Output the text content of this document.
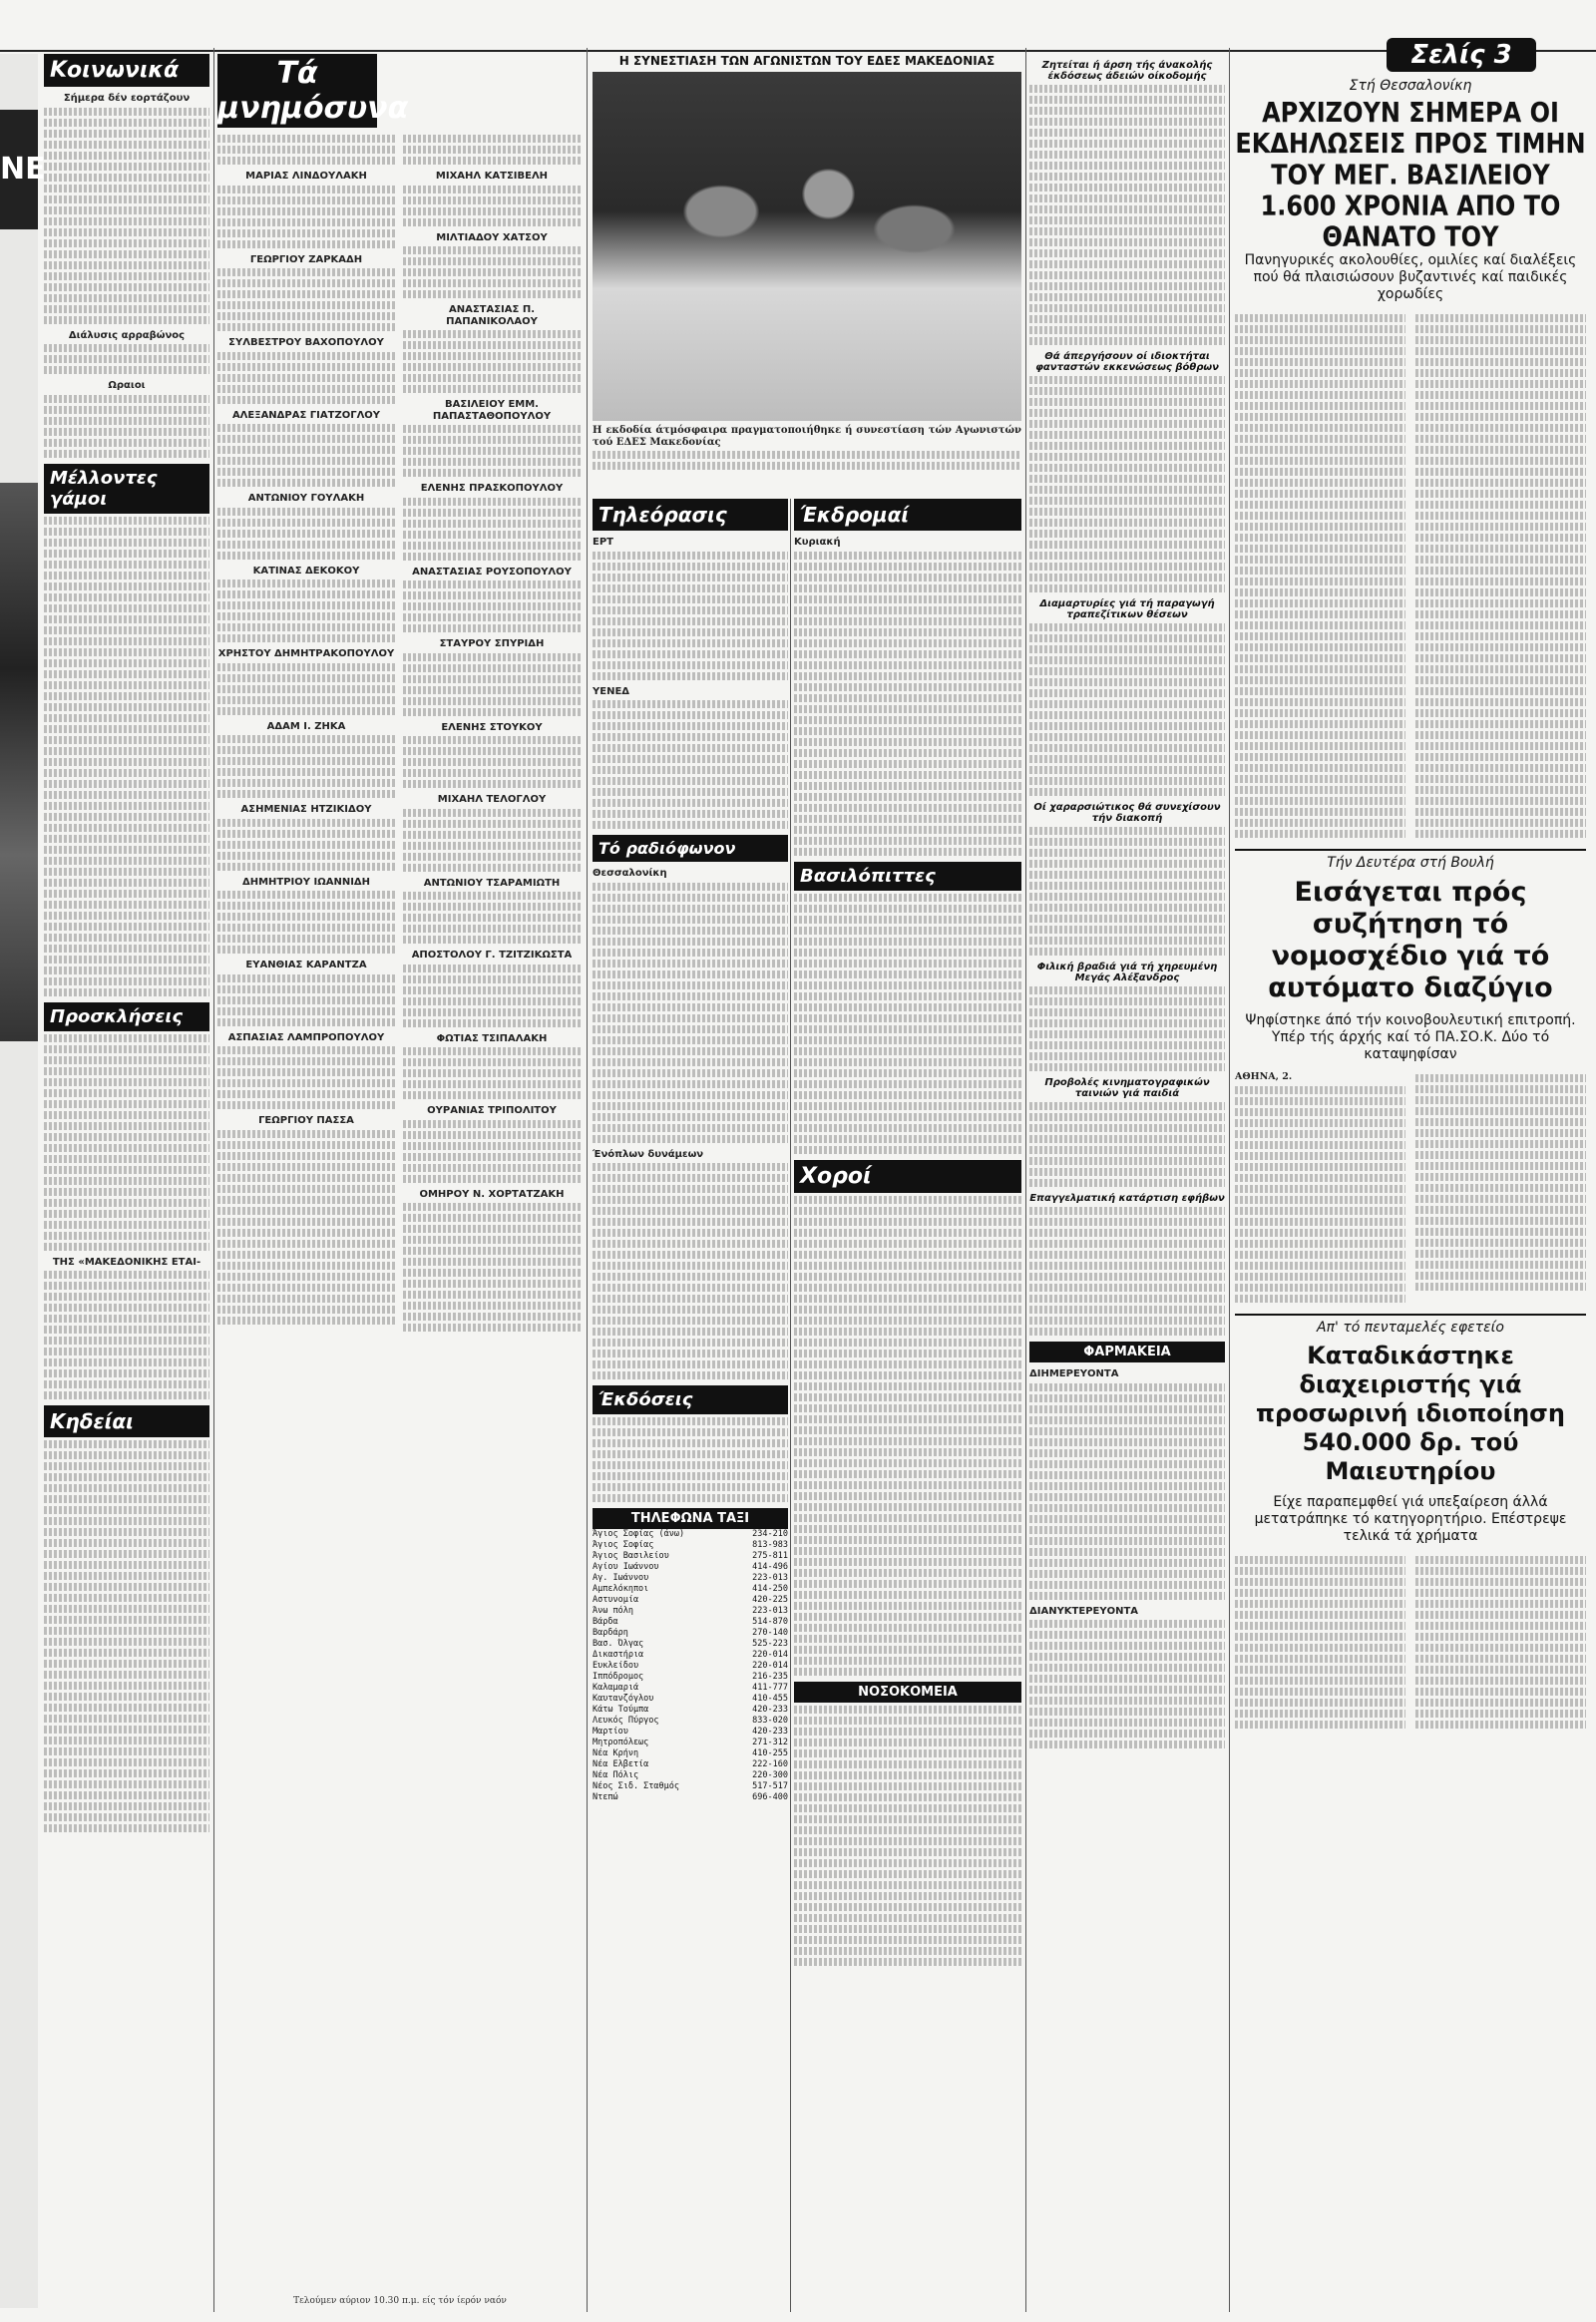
Σελίς 3
NE
Κοινωνικά
Σήμερα δέν εορτάζουν
Διάλυσις αρραβώνος
Ωραιοι
Μέλλοντες γάμοι
Προσκλήσεις
ΤΗΣ «ΜΑΚΕΔΟΝΙΚΗΣ ΕΤΑΙ-
Κηδείαι
Τά μνημόσυνα
ΜΑΡΙΑΣ ΛΙΝΔΟΥΛΑΚΗ
ΓΕΩΡΓΙΟΥ ΖΑΡΚΑΔΗ
ΣΥΛΒΕΣΤΡΟΥ ΒΑΧΟΠΟΥΛΟΥ
ΑΛΕΞΑΝΔΡΑΣ ΓΙΑΤΖΟΓΛΟΥ
ΑΝΤΩΝΙΟΥ ΓΟΥΛΑΚΗ
ΚΑΤΙΝΑΣ ΔΕΚΟΚΟΥ
ΧΡΗΣΤΟΥ ΔΗΜΗΤΡΑΚΟΠΟΥΛΟΥ
ΑΔΑΜ Ι. ΖΗΚΑ
ΑΣΗΜΕΝΙΑΣ ΗΤΖΙΚΙΔΟΥ
ΔΗΜΗΤΡΙΟΥ ΙΩΑΝΝΙΔΗ
ΕΥΑΝΘΙΑΣ ΚΑΡΑΝΤΖΑ
ΑΣΠΑΣΙΑΣ ΛΑΜΠΡΟΠΟΥΛΟΥ
ΓΕΩΡΓΙΟΥ ΠΑΣΣΑ
ΜΙΧΑΗΛ ΚΑΤΣΙΒΕΛΗ
ΜΙΛΤΙΑΔΟΥ ΧΑΤΣΟΥ
ΑΝΑΣΤΑΣΙΑΣ Π. ΠΑΠΑΝΙΚΟΛΑΟΥ
ΒΑΣΙΛΕΙΟΥ ΕΜΜ. ΠΑΠΑΣΤΑΘΟΠΟΥΛΟΥ
ΕΛΕΝΗΣ ΠΡΑΣΚΟΠΟΥΛΟΥ
ΑΝΑΣΤΑΣΙΑΣ ΡΟΥΣΟΠΟΥΛΟΥ
ΣΤΑΥΡΟΥ ΣΠΥΡΙΔΗ
ΕΛΕΝΗΣ ΣΤΟΥΚΟΥ
ΜΙΧΑΗΛ ΤΕΛΟΓΛΟΥ
ΑΝΤΩΝΙΟΥ ΤΣΑΡΑΜΙΩΤΗ
ΑΠΟΣΤΟΛΟΥ Γ. ΤΖΙΤΖΙΚΩΣΤΑ
ΦΩΤΙΑΣ ΤΣΙΠΑΛΑΚΗ
ΟΥΡΑΝΙΑΣ ΤΡΙΠΟΛΙΤΟΥ
ΟΜΗΡΟΥ Ν. ΧΟΡΤΑΤΖΑΚΗ
Τελούμεν αύριον 10.30 π.μ. είς τόν ίερόν ναόν
Η ΣΥΝΕΣΤΙΑΣΗ ΤΩΝ ΑΓΩΝΙΣΤΩΝ ΤΟΥ ΕΔΕΣ ΜΑΚΕΔΟΝΙΑΣ
Η εκδοδία άτμόσφαιρα πραγματοποιήθηκε ή συνεστίαση τών Αγωνιστών τού ΕΔΕΣ Μακεδονίας
Τηλεόρασις
ΕΡΤ
ΥΕΝΕΔ
Τό ραδιόφωνον
Θεσσαλονίκη
Ένόπλων δυνάμεων
Έκδόσεις
ΤΗΛΕΦΩΝΑ ΤΑΞΙ
Άγιος Σοφίας (άνω)	234-210
Άγιος Σοφίας	813-983
Άγιος Βασιλείου	275-811
Αγίου Ιωάννου	414-496
Αγ. Ιωάννου	223-013
Αμπελόκηποι	414-250
Αστυνομία	420-225
Άνω πόλη	223-013
Βάρδα	514-870
Βαρδάρη	270-140
Βασ. Όλγας	525-223
Δικαστήρια	220-014
Ευκλείδου	220-014
Ιππόδρομος	216-235
Καλαμαριά	411-777
Καυτανζόγλου	410-455
Κάτω Τούμπα	420-233
Λευκός Πύργος	833-020
Μαρτίου	420-233
Μητροπόλεως	271-312
Νέα Κρήνη	410-255
Νέα Ελβετία	222-160
Νέα Πόλις	220-300
Νέος Σιδ. Σταθμός	517-517
Ντεπώ	696-400
Έκδρομαί
Κυριακή
Βασιλόπιττες
Χοροί
ΝΟΣΟΚΟΜΕΙΑ
Ζητείται ή άρση τής άνακολής έκδόσεως άδειών οίκοδομής
Θά άπεργήσουν οί ιδιοκτήται φανταστών εκκενώσεως βόθρων
Διαμαρτυρίες γιά τή παραγωγή τραπεζίτικων θέσεων
Οί χαραρσιώτικος θά συνεχίσουν τήν διακοπή
Φιλική βραδιά γιά τή χηρευμένη Μεγάς Αλέξανδρος
Προβολές κινηματογραφικών ταινιών γιά παιδιά
Επαγγελματική κατάρτιση εφήβων
ΦΑΡΜΑΚΕΙΑ
ΔΙΗΜΕΡΕΥΟΝΤΑ
ΔΙΑΝΥΚΤΕΡΕΥΟΝΤΑ
Στή Θεσσαλονίκη
ΑΡΧΙΖΟΥΝ ΣΗΜΕΡΑ ΟΙ ΕΚΔΗΛΩΣΕΙΣ ΠΡΟΣ ΤΙΜΗΝ ΤΟΥ ΜΕΓ. ΒΑΣΙΛΕΙΟΥ 1.600 ΧΡΟΝΙΑ ΑΠΟ ΤΟ ΘΑΝΑΤΟ ΤΟΥ
Πανηγυρικές ακολουθίες, ομιλίες καί διαλέξεις πού θά πλαισιώσουν βυζαντινές καί παιδικές χορωδίες
Τήν Δευτέρα στή Βουλή
Εισάγεται πρός συζήτηση τό νομοσχέδιο γιά τό αυτόματο διαζύγιο
Ψηφίστηκε άπό τήν κοινοβουλευτική επιτροπή. Υπέρ τής άρχής καί τό ΠΑ.ΣΟ.Κ. Δύο τό καταψηφίσαν
ΑΘΗΝΑ, 2.
Απ' τό πενταμελές εφετείο
Καταδικάστηκε διαχειριστής γιά προσωρινή ιδιοποίηση 540.000 δρ. τού Μαιευτηρίου
Είχε παραπεμφθεί γιά υπεξαίρεση άλλά μετατράπηκε τό κατηγορητήριο. Επέστρεψε τελικά τά χρήματα
